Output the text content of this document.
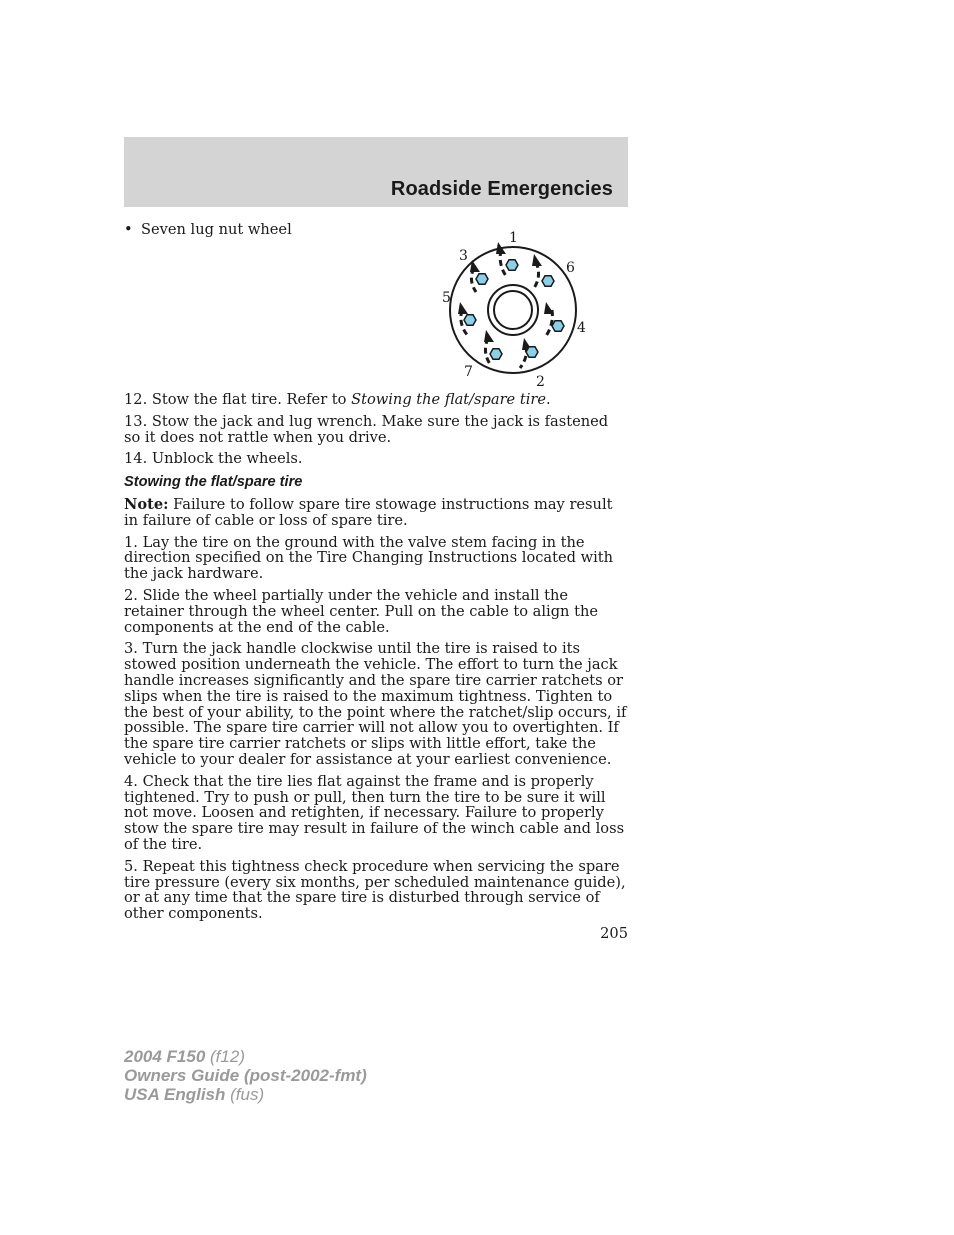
Roadside Emergencies
• Seven lug nut wheel	1
6
4
2
7
5
3

12. Stow the flat tire. Refer to Stowing the flat/spare tire.

13. Stow the jack and lug wrench. Make sure the jack is fastened so it does not rattle when you drive.

14. Unblock the wheels.

Stowing the flat/spare tire

Note: Failure to follow spare tire stowage instructions may result in failure of cable or loss of spare tire.

1. Lay the tire on the ground with the valve stem facing in the direction specified on the Tire Changing Instructions located with the jack hardware.

2. Slide the wheel partially under the vehicle and install the retainer through the wheel center. Pull on the cable to align the components at the end of the cable.

3. Turn the jack handle clockwise until the tire is raised to its stowed position underneath the vehicle. The effort to turn the jack handle increases significantly and the spare tire carrier ratchets or slips when the tire is raised to the maximum tightness. Tighten to the best of your ability, to the point where the ratchet/slip occurs, if possible. The spare tire carrier will not allow you to overtighten. If the spare tire carrier ratchets or slips with little effort, take the vehicle to your dealer for assistance at your earliest convenience.

4. Check that the tire lies flat against the frame and is properly tightened. Try to push or pull, then turn the tire to be sure it will not move. Loosen and retighten, if necessary. Failure to properly stow the spare tire may result in failure of the winch cable and loss of the tire.

5. Repeat this tightness check procedure when servicing the spare tire pressure (every six months, per scheduled maintenance guide), or at any time that the spare tire is disturbed through service of other components.

205
2004 F150 (f12)
Owners Guide (post-2002-fmt)
USA English (fus)
